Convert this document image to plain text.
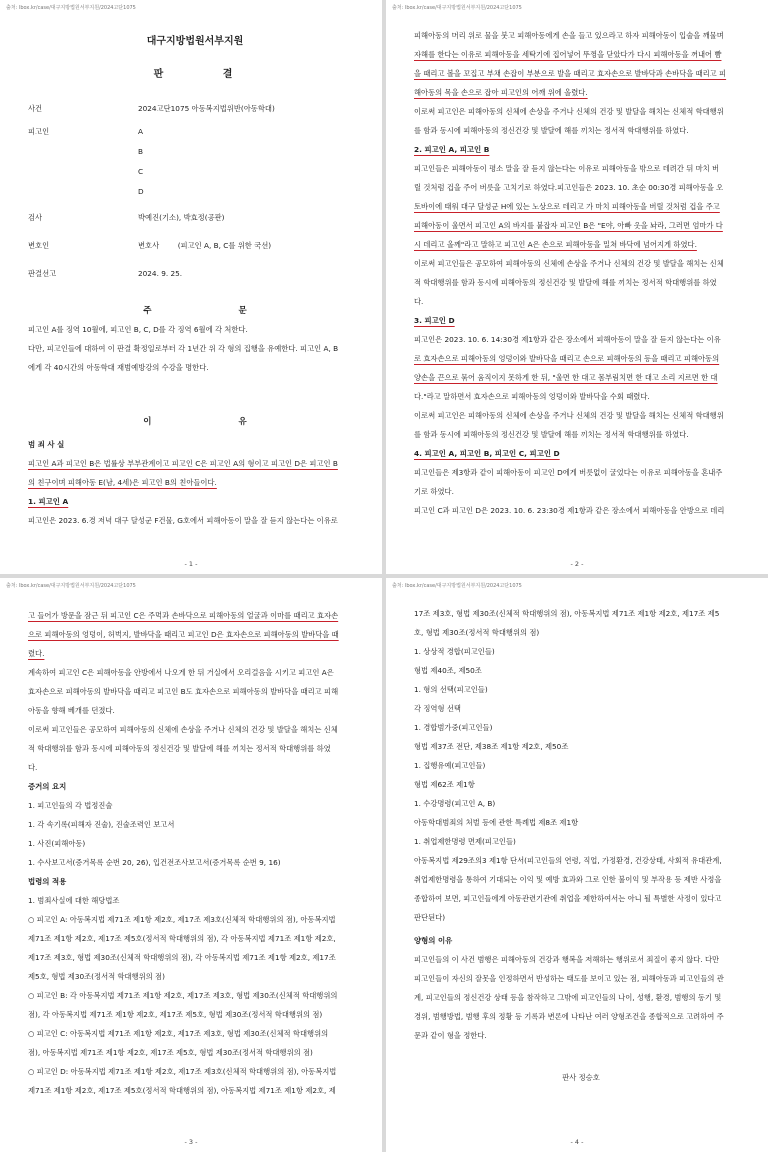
출처: lbox.kr/case/대구지방법원서부지원/2024고단1075
대구지방법원서부지원
판 결
사건	2024고단1075 아동복지법위반(아동학대)
피고인	A
B
C
D
검사	박예진(기소), 박효정(공판)
변호인	변호사        (피고인 A, B, C를 위한 국선)
판결선고	2024. 9. 25.
주 문
피고인 A를 징역 10월에, 피고인 B, C, D를 각 징역 6월에 각 처한다.
다만, 피고인들에 대하여 이 판결 확정일로부터 각 1년간 위 각 형의 집행을 유예한다. 피고인 A, B
에게 각 40시간의 아동학대 재범예방강의 수강을 명한다.
이 유
범 죄 사 실
피고인 A과 피고인 B은 법률상 부부관계이고 피고인 C은 피고인 A의 형이고 피고인 D은 피고인 B
의 친구이며 피해아동 E(남, 4세)은 피고인 B의 친아들이다.
1. 피고인 A
피고인은 2023. 6.경 저녁 대구 달성군 F건물, G호에서 피해아동이 말을 잘 듣지 않는다는 이유로
- 1 -
출처: lbox.kr/case/대구지방법원서부지원/2024고단1075
피해아동의 머리 위로 물을 붓고 피해아동에게 손을 들고 있으라고 하자 피해아동이 입술을 깨물며
자해를 한다는 이유로 피해아동을 세탁기에 집어넣어 뚜껑을 닫았다가 다시 피해아동을 꺼내어 뺨
을 때리고 볼을 꼬집고 부채 손잡이 부분으로 발을 때리고 효자손으로 발바닥과 손바닥을 때리고 피
해아동의 목을 손으로 잡아 피고인의 어깨 위에 올렸다.
이로써 피고인은 피해아동의 신체에 손상을 주거나 신체의 건강 및 발달을 해치는 신체적 학대행위
를 함과 동시에 피해아동의 정신건강 및 발달에 해를 끼치는 정서적 학대행위를 하였다.
2. 피고인 A, 피고인 B
피고인들은 피해아동이 평소 말을 잘 듣지 않는다는 이유로 피해아동을 밖으로 데려간 뒤 마치 버
릴 것처럼 겁을 주어 버릇을 고치기로 하였다.피고인들은 2023. 10. 초순 00:30경 피해아동을 오
토바이에 태워 대구 달성군 H에 있는 노상으로 데리고 가 마치 피해아동을 버릴 것처럼 겁을 주고
피해아동이 울면서 피고인 A의 바지를 붙잡자 피고인 B은 "E야, 아빠 옷을 놔라, 그러면 엄마가 다
시 데리고 올께"라고 말하고 피고인 A은 손으로 피해아동을 밀쳐 바닥에 넘어지게 하였다.
이로써 피고인들은 공모하여 피해아동의 신체에 손상을 주거나 신체의 건강 및 발달을 해치는 신체
적 학대행위를 함과 동시에 피해아동의 정신건강 및 발달에 해를 끼치는 정서적 학대행위를 하였
다.
3. 피고인 D
피고인은 2023. 10. 6. 14:30경 제1항과 같은 장소에서 피해아동이 말을 잘 듣지 않는다는 이유
로 효자손으로 피해아동의 엉덩이와 발바닥을 때리고 손으로 피해아동의 등을 때리고 피해아동의
양손을 끈으로 묶어 움직이지 못하게 한 뒤, "울면 한 대고 몸부림치면 한 대고 소리 지르면 한 대
다."라고 말하면서 효자손으로 피해아동의 엉덩이와 발바닥을 수회 때렸다.
이로써 피고인은 피해아동의 신체에 손상을 주거나 신체의 건강 및 발달을 해치는 신체적 학대행위
를 함과 동시에 피해아동의 정신건강 및 발달에 해를 끼치는 정서적 학대행위를 하였다.
4. 피고인 A, 피고인 B, 피고인 C, 피고인 D
피고인들은 제3항과 같이 피해아동이 피고인 D에게 버릇없이 굴었다는 이유로 피해아동을 혼내주
기로 하였다.
피고인 C과 피고인 D은 2023. 10. 6. 23:30경 제1항과 같은 장소에서 피해아동을 안방으로 데리
- 2 -
출처: lbox.kr/case/대구지방법원서부지원/2024고단1075
고 들어가 방문을 잠근 뒤 피고인 C은 주먹과 손바닥으로 피해아동의 얼굴과 이마를 때리고 효자손
으로 피해아동의 엉덩이, 허벅지, 발바닥을 때리고 피고인 D은 효자손으로 피해아동의 발바닥을 때
렸다.
계속하여 피고인 C은 피해아동을 안방에서 나오게 한 뒤 거실에서 오리걸음을 시키고 피고인 A은
효자손으로 피해아동의 발바닥을 때리고 피고인 B도 효자손으로 피해아동의 발바닥을 때리고 피해
아동을 향해 베개를 던졌다.
이로써 피고인들은 공모하여 피해아동의 신체에 손상을 주거나 신체의 건강 및 발달을 해치는 신체
적 학대행위를 함과 동시에 피해아동의 정신건강 및 발달에 해를 끼치는 정서적 학대행위를 하였
다.
증거의 요지
1. 피고인들의 각 법정진술
1. 각 속기록(피해자 진술), 진술조력인 보고서
1. 사진(피해아동)
1. 수사보고서(증거목록 순번 20, 26), 입건전조사보고서(증거목록 순번 9, 16)
법령의 적용
1. 범죄사실에 대한 해당법조
○ 피고인 A: 아동복지법 제71조 제1항 제2호, 제17조 제3호(신체적 학대행위의 점), 아동복지법
제71조 제1항 제2호, 제17조 제5호(정서적 학대행위의 점), 각 아동복지법 제71조 제1항 제2호,
제17조 제3호, 형법 제30조(신체적 학대행위의 점), 각 아동복지법 제71조 제1항 제2호, 제17조
제5호, 형법 제30조(정서적 학대행위의 점)
○ 피고인 B: 각 아동복지법 제71조 제1항 제2호, 제17조 제3호, 형법 제30조(신체적 학대행위의
점), 각 아동복지법 제71조 제1항 제2호, 제17조 제5호, 형법 제30조(정서적 학대행위의 점)
○ 피고인 C: 아동복지법 제71조 제1항 제2호, 제17조 제3호, 형법 제30조(신체적 학대행위의
점), 아동복지법 제71조 제1항 제2호, 제17조 제5호, 형법 제30조(정서적 학대행위의 점)
○ 피고인 D: 아동복지법 제71조 제1항 제2호, 제17조 제3호(신체적 학대행위의 점), 아동복지법
제71조 제1항 제2호, 제17조 제5호(정서적 학대행위의 점), 아동복지법 제71조 제1항 제2호, 제
- 3 -
출처: lbox.kr/case/대구지방법원서부지원/2024고단1075
17조 제3호, 형법 제30조(신체적 학대행위의 점), 아동복지법 제71조 제1항 제2호, 제17조 제5
호, 형법 제30조(정서적 학대행위의 점)
1. 상상적 경합(피고인들)
형법 제40조, 제50조
1. 형의 선택(피고인들)
각 징역형 선택
1. 경합범가중(피고인들)
형법 제37조 전단, 제38조 제1항 제2호, 제50조
1. 집행유예(피고인들)
형법 제62조 제1항
1. 수강명령(피고인 A, B)
아동학대범죄의 처벌 등에 관한 특례법 제8조 제1항
1. 취업제한명령 면제(피고인들)
아동복지법 제29조의3 제1항 단서(피고인들의 연령, 직업, 가정환경, 건강상태, 사회적 유대관계,
취업제한명령을 통하여 기대되는 이익 및 예방 효과와 그로 인한 불이익 및 부작용 등 제반 사정을
종합하여 보면, 피고인들에게 아동관련기관에 취업을 제한하여서는 아니 될 특별한 사정이 있다고
판단된다)
양형의 이유
피고인들의 이 사건 범행은 피해아동의 건강과 행복을 저해하는 행위로서 죄질이 좋지 않다. 다만
피고인들이 자신의 잘못을 인정하면서 반성하는 태도를 보이고 있는 점, 피해아동과 피고인들의 관
계, 피고인들의 정신건강 상태 등을 참작하고 그밖에 피고인들의 나이, 성행, 환경, 범행의 동기 및
경위, 범행방법, 범행 후의 정황 등 기록과 변론에 나타난 여러 양형조건을 종합적으로 고려하여 주
문과 같이 형을 정한다.
판사 정승호
- 4 -
